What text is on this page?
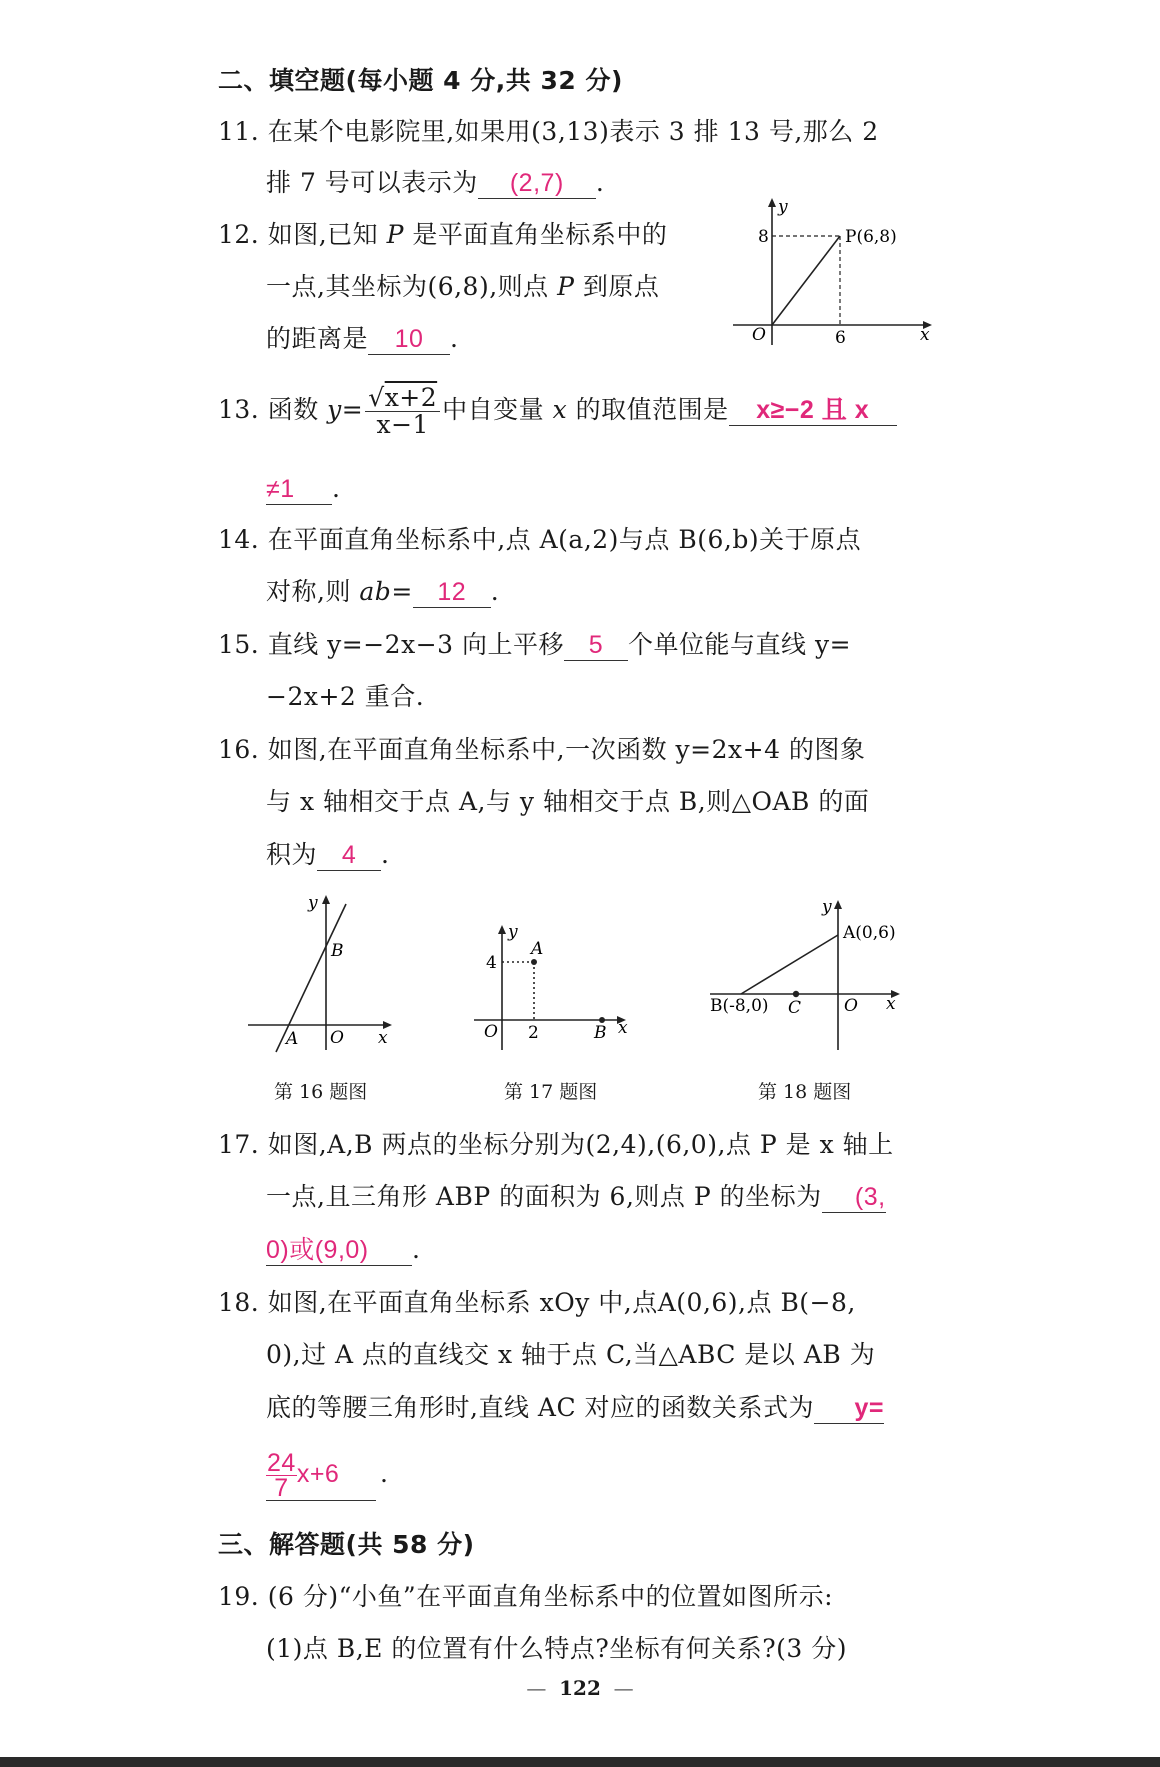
二、填空题(每小题 4 分,共 32 分)
11. 在某个电影院里,如果用(3,13)表示 3 排 13 号,那么 2
排 7 号可以表示为 (2,7) .
12. 如图,已知 P 是平面直角坐标系中的
一点,其坐标为(6,8),则点 P 到原点
的距离是 10 .
y
x
O
8
6
P(6,8)
13. 函数 $y= \frac{√x+2}{x-1}$ 中自变量 x 的取值范围是 x≥−2 且 x
≠1 .
14. 在平面直角坐标系中,点 A(a,2)与点 B(6,b)关于原点
对称,则 ab= 12 .
15. 直线 y=−2x−3 向上平移 5 个单位能与直线 y=
−2x+2 重合.
16. 如图,在平面直角坐标系中,一次函数 y=2x+4 的图象
与 x 轴相交于点 A,与 y 轴相交于点 B,则△OAB 的面
积为 4 .
y
x
O
A
B
第 16 题图
y
x
O
A
B
4
2
第 17 题图
y
x
O
A(0,6)
B(-8,0) C
第 18 题图
17. 如图,A,B 两点的坐标分别为(2,4),(6,0),点 P 是 x 轴上
一点,且三角形 ABP 的面积为 6,则点 P 的坐标为 (3,
0)或(9,0) .
18. 如图,在平面直角坐标系 xOy 中,点A(0,6),点 B(−8,
0),过 A 点的直线交 x 轴于点 C,当△ABC 是以 AB 为
底的等腰三角形时,直线 AC 对应的函数关系式为 y=
$\frac{24}{7} x+6$ .
三、解答题(共 58 分)
19. (6 分)“小鱼”在平面直角坐标系中的位置如图所示:
(1)点 B,E 的位置有什么特点?坐标有何关系?(3 分)
—  122  —
